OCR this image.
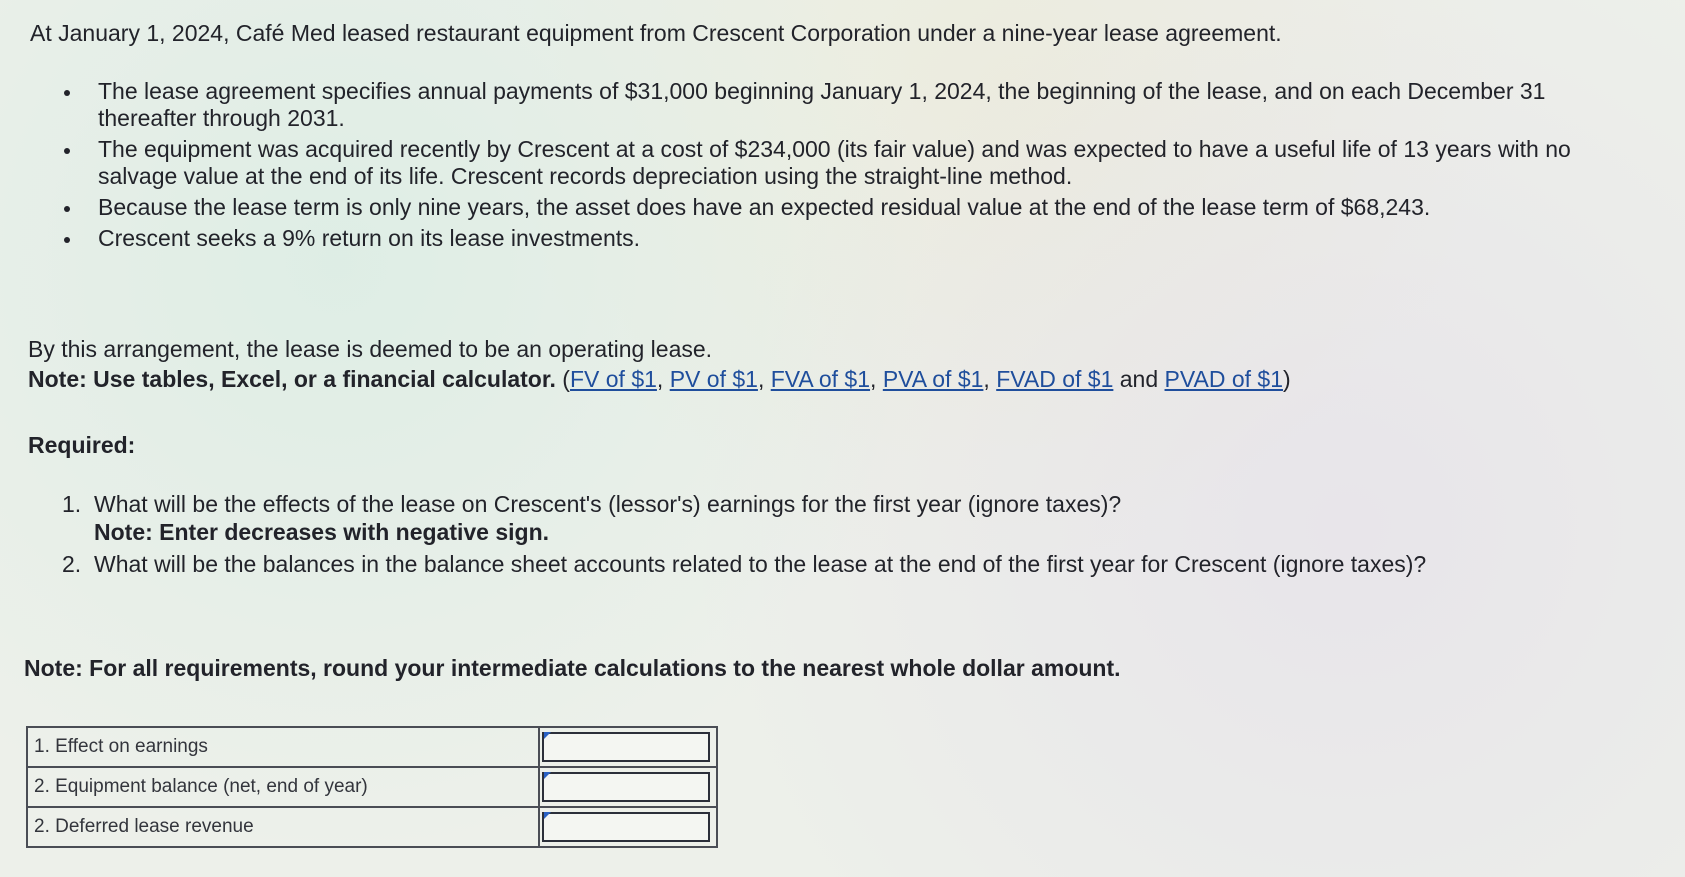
At January 1, 2024, Café Med leased restaurant equipment from Crescent Corporation under a nine-year lease agreement.

The lease agreement specifies annual payments of $31,000 beginning January 1, 2024, the beginning of the lease, and on each December 31 thereafter through 2031.
The equipment was acquired recently by Crescent at a cost of $234,000 (its fair value) and was expected to have a useful life of 13 years with no salvage value at the end of its life. Crescent records depreciation using the straight-line method.
Because the lease term is only nine years, the asset does have an expected residual value at the end of the lease term of $68,243.
Crescent seeks a 9% return on its lease investments.

By this arrangement, the lease is deemed to be an operating lease.

Note: Use tables, Excel, or a financial calculator. (FV of $1, PV of $1, FVA of $1, PVA of $1, FVAD of $1 and PVAD of $1)

Required:

1. What will be the effects of the lease on Crescent's (lessor's) earnings for the first year (ignore taxes)?
Note: Enter decreases with negative sign.
2. What will be the balances in the balance sheet accounts related to the lease at the end of the first year for Crescent (ignore taxes)?

Note: For all requirements, round your intermediate calculations to the nearest whole dollar amount.

1. Effect on earnings	

2. Equipment balance (net, end of year)	

2. Deferred lease revenue	
